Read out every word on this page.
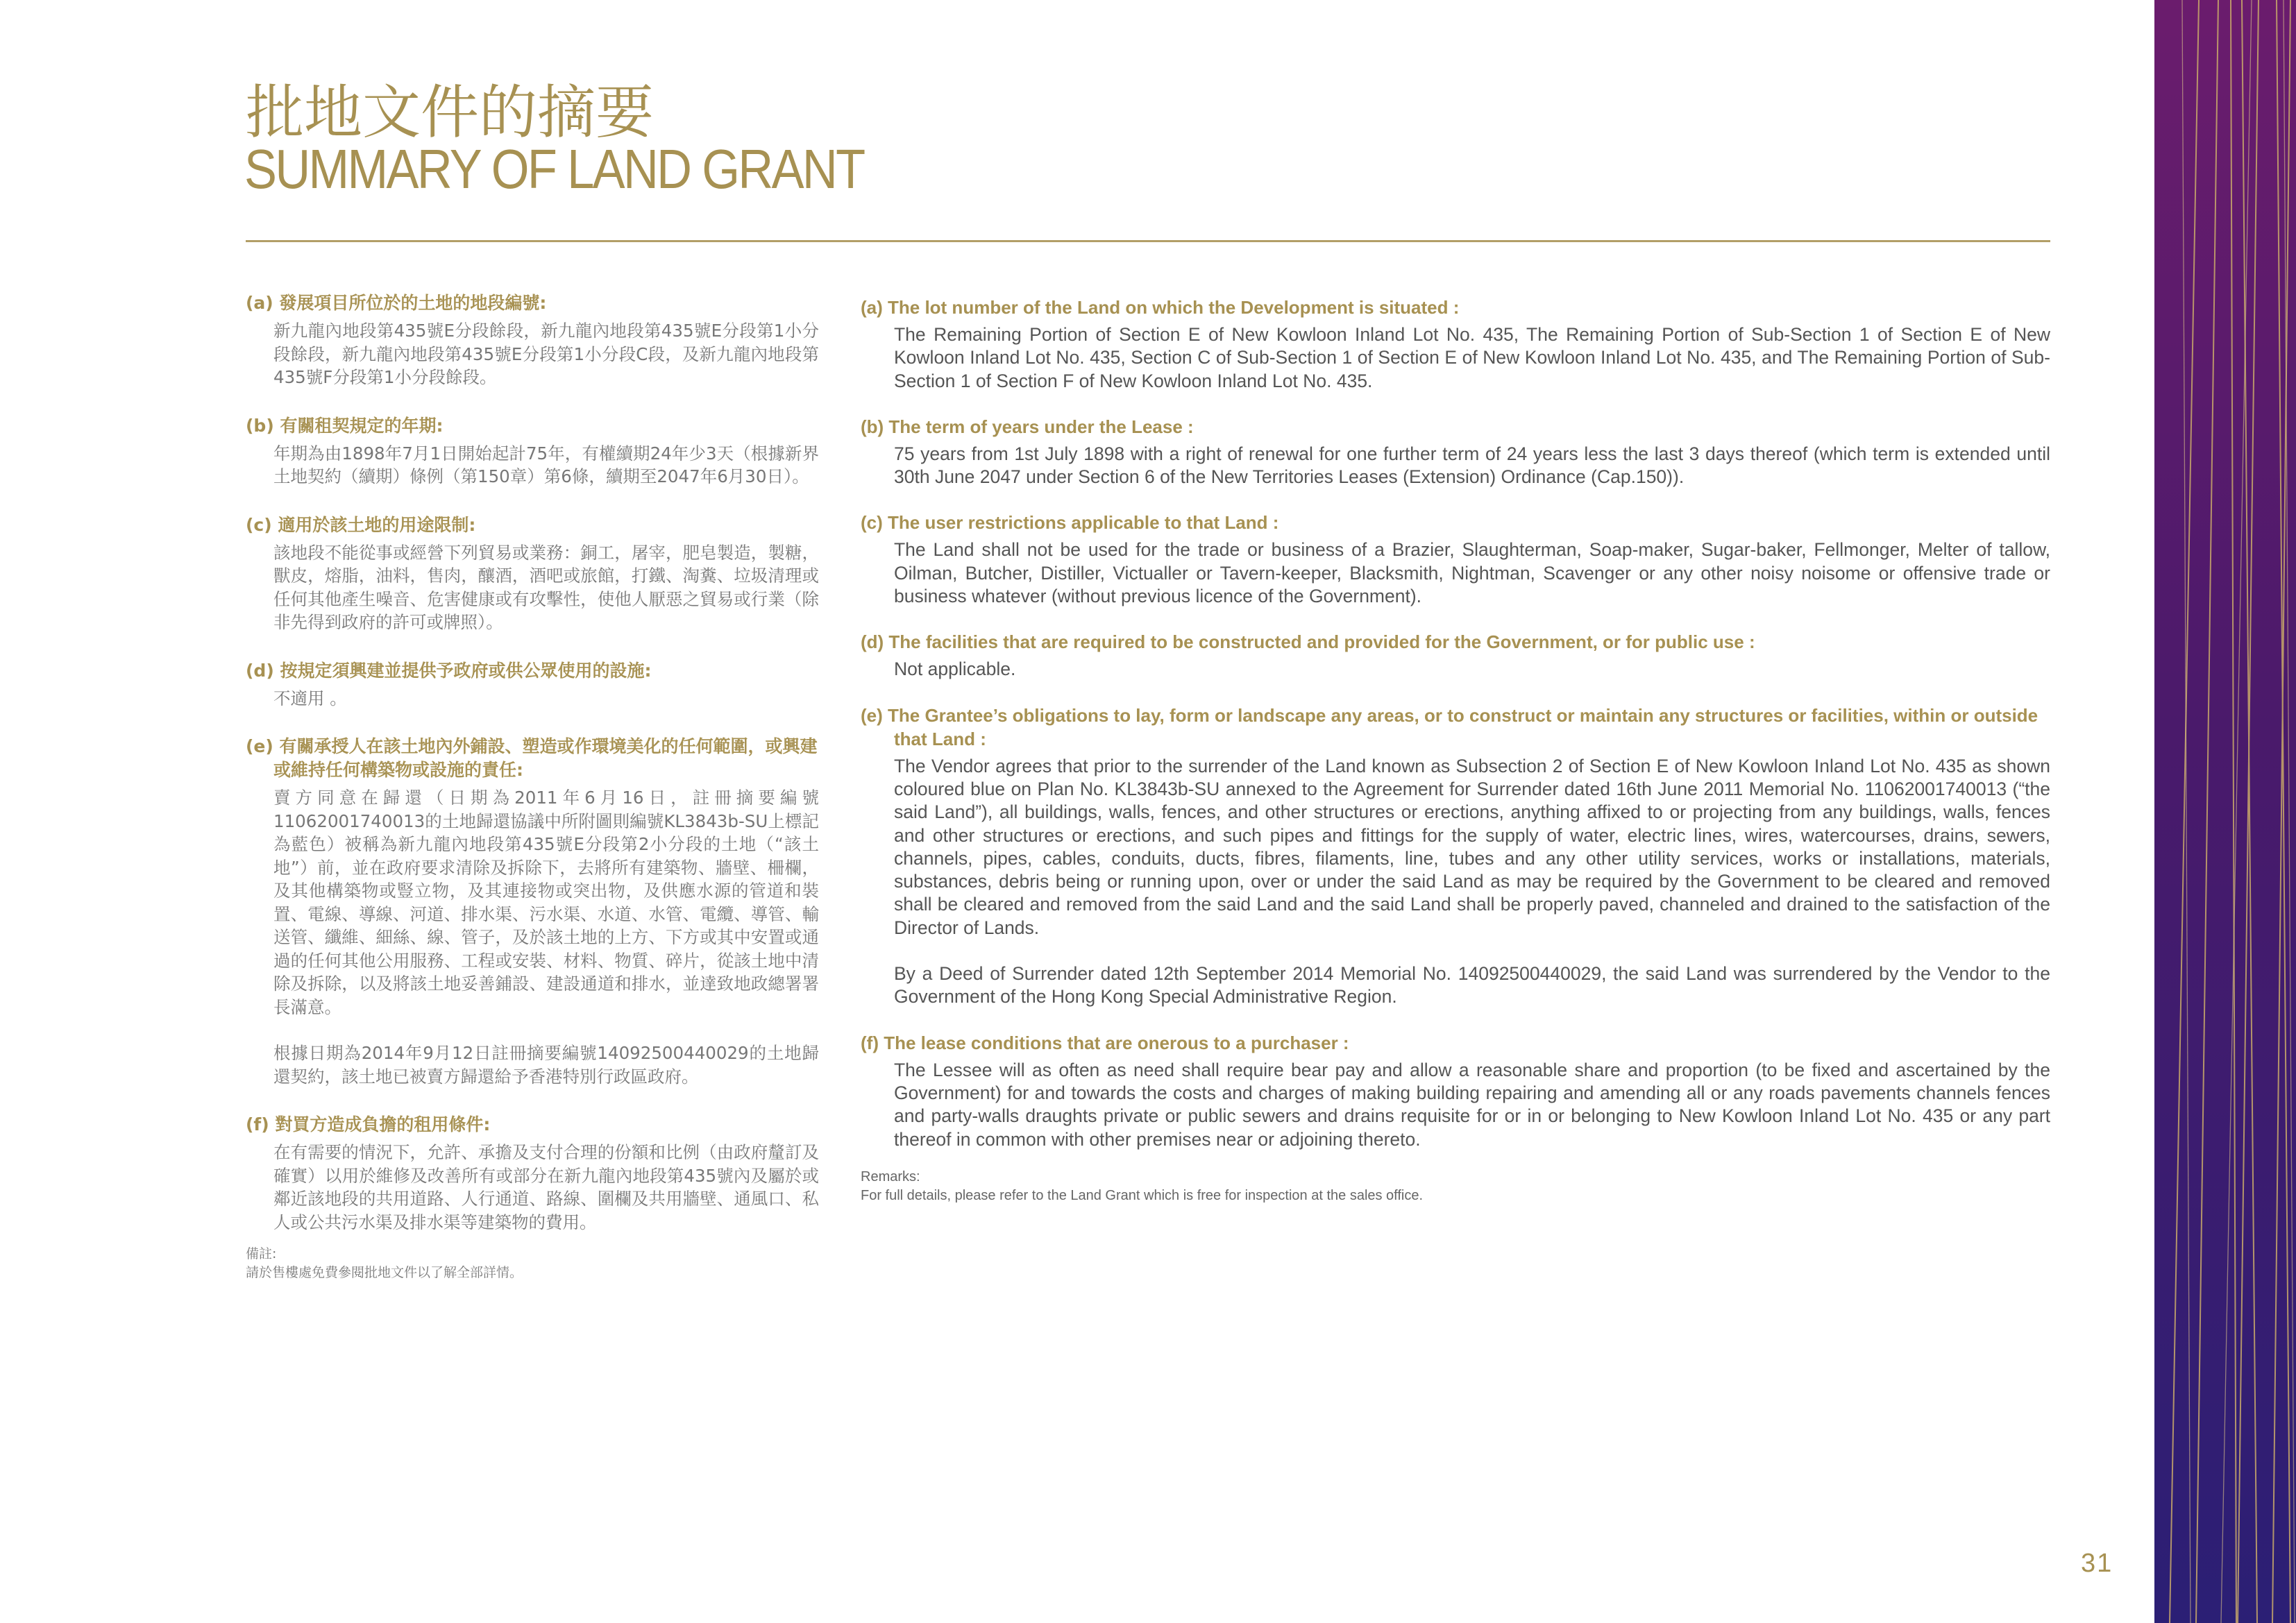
批地文件的摘要
SUMMARY OF LAND GRANT
(a) 發展項目所位於的土地的地段編號:

新九龍內地段第435號E分段餘段，新九龍內地段第435號E分段第1小分段餘段，新九龍內地段第435號E分段第1小分段C段，及新九龍內地段第435號F分段第1小分段餘段。

(b) 有關租契規定的年期:

年期為由1898年7月1日開始起計75年，有權續期24年少3天（根據新界土地契約（續期）條例（第150章）第6條，續期至2047年6月30日）。

(c) 適用於該土地的用途限制:

該地段不能從事或經營下列貿易或業務：銅工，屠宰，肥皂製造，製糖，獸皮，熔脂，油料，售肉，釀酒，酒吧或旅館，打鐵、淘糞、垃圾清理或任何其他產生噪音、危害健康或有攻擊性，使他人厭惡之貿易或行業（除非先得到政府的許可或牌照）。

(d) 按規定須興建並提供予政府或供公眾使用的設施:

不適用 。

(e) 有關承授人在該土地內外鋪設、塑造或作環境美化的任何範圍，或興建或維持任何構築物或設施的責任:

賣方同意在歸還（日期為2011年6月16日，註冊摘要編號11062001740013的土地歸還協議中所附圖則編號KL3843b-SU上標記為藍色）被稱為新九龍內地段第435號E分段第2小分段的土地（“該土地”）前，並在政府要求清除及拆除下，去將所有建築物、牆壁、柵欄，及其他構築物或豎立物，及其連接物或突出物，及供應水源的管道和裝置、電線、導線、河道、排水渠、污水渠、水道、水管、電纜、導管、輸送管、纖維、細絲、線、管子，及於該土地的上方、下方或其中安置或通過的任何其他公用服務、工程或安裝、材料、物質、碎片，從該土地中清除及拆除，以及將該土地妥善鋪設、建設通道和排水，並達致地政總署署長滿意。

根據日期為2014年9月12日註冊摘要編號14092500440029的土地歸還契約，該土地已被賣方歸還給予香港特別行政區政府。

(f) 對買方造成負擔的租用條件:

在有需要的情況下，允許、承擔及支付合理的份額和比例（由政府釐訂及確實）以用於維修及改善所有或部分在新九龍內地段第435號內及屬於或鄰近該地段的共用道路、人行通道、路線、圍欄及共用牆壁、通風口、私人或公共污水渠及排水渠等建築物的費用。

備註:
請於售樓處免費參閱批地文件以了解全部詳情。
(a) The lot number of the Land on which the Development is situated :

The Remaining Portion of Section E of New Kowloon Inland Lot No. 435, The Remaining Portion of Sub-Section 1 of Section E of New Kowloon Inland Lot No. 435, Section C of Sub-Section 1 of Section E of New Kowloon Inland Lot No. 435, and The Remaining Portion of Sub-Section 1 of Section F of New Kowloon Inland Lot No. 435.

(b) The term of years under the Lease :

75 years from 1st July 1898 with a right of renewal for one further term of 24 years less the last 3 days thereof (which term is extended until 30th June 2047 under Section 6 of the New Territories Leases (Extension) Ordinance (Cap.150)).

(c) The user restrictions applicable to that Land :

The Land shall not be used for the trade or business of a Brazier, Slaughterman, Soap-maker, Sugar-baker, Fellmonger, Melter of tallow, Oilman, Butcher, Distiller, Victualler or Tavern-keeper, Blacksmith, Nightman, Scavenger or any other noisy noisome or offensive trade or business whatever (without previous licence of the Government).

(d) The facilities that are required to be constructed and provided for the Government, or for public use :

Not applicable.

(e) The Grantee’s obligations to lay, form or landscape any areas, or to construct or maintain any structures or facilities, within or outside that Land :

The Vendor agrees that prior to the surrender of the Land known as Subsection 2 of Section E of New Kowloon Inland Lot No. 435 as shown coloured blue on Plan No. KL3843b-SU annexed to the Agreement for Surrender dated 16th June 2011 Memorial No. 11062001740013 (“the said Land”), all buildings, walls, fences, and other structures or erections, anything affixed to or projecting from any buildings, walls, fences and other structures or erections, and such pipes and fittings for the supply of water, electric lines, wires, watercourses, drains, sewers, channels, pipes, cables, conduits, ducts, fibres, filaments, line, tubes and any other utility services, works or installations, materials, substances, debris being or running upon, over or under the said Land as may be required by the Government to be cleared and removed shall be cleared and removed from the said Land and the said Land shall be properly paved, channeled and drained to the satisfaction of the Director of Lands.

By a Deed of Surrender dated 12th September 2014 Memorial No. 14092500440029, the said Land was surrendered by the Vendor to the Government of the Hong Kong Special Administrative Region.

(f) The lease conditions that are onerous to a purchaser :

The Lessee will as often as need shall require bear pay and allow a reasonable share and proportion (to be fixed and ascertained by the Government) for and towards the costs and charges of making building repairing and amending all or any roads pavements channels fences and party-walls draughts private or public sewers and drains requisite for or in or belonging to New Kowloon Inland Lot No. 435 or any part thereof in common with other premises near or adjoining thereto.

Remarks:
For full details, please refer to the Land Grant which is free for inspection at the sales office.
31
